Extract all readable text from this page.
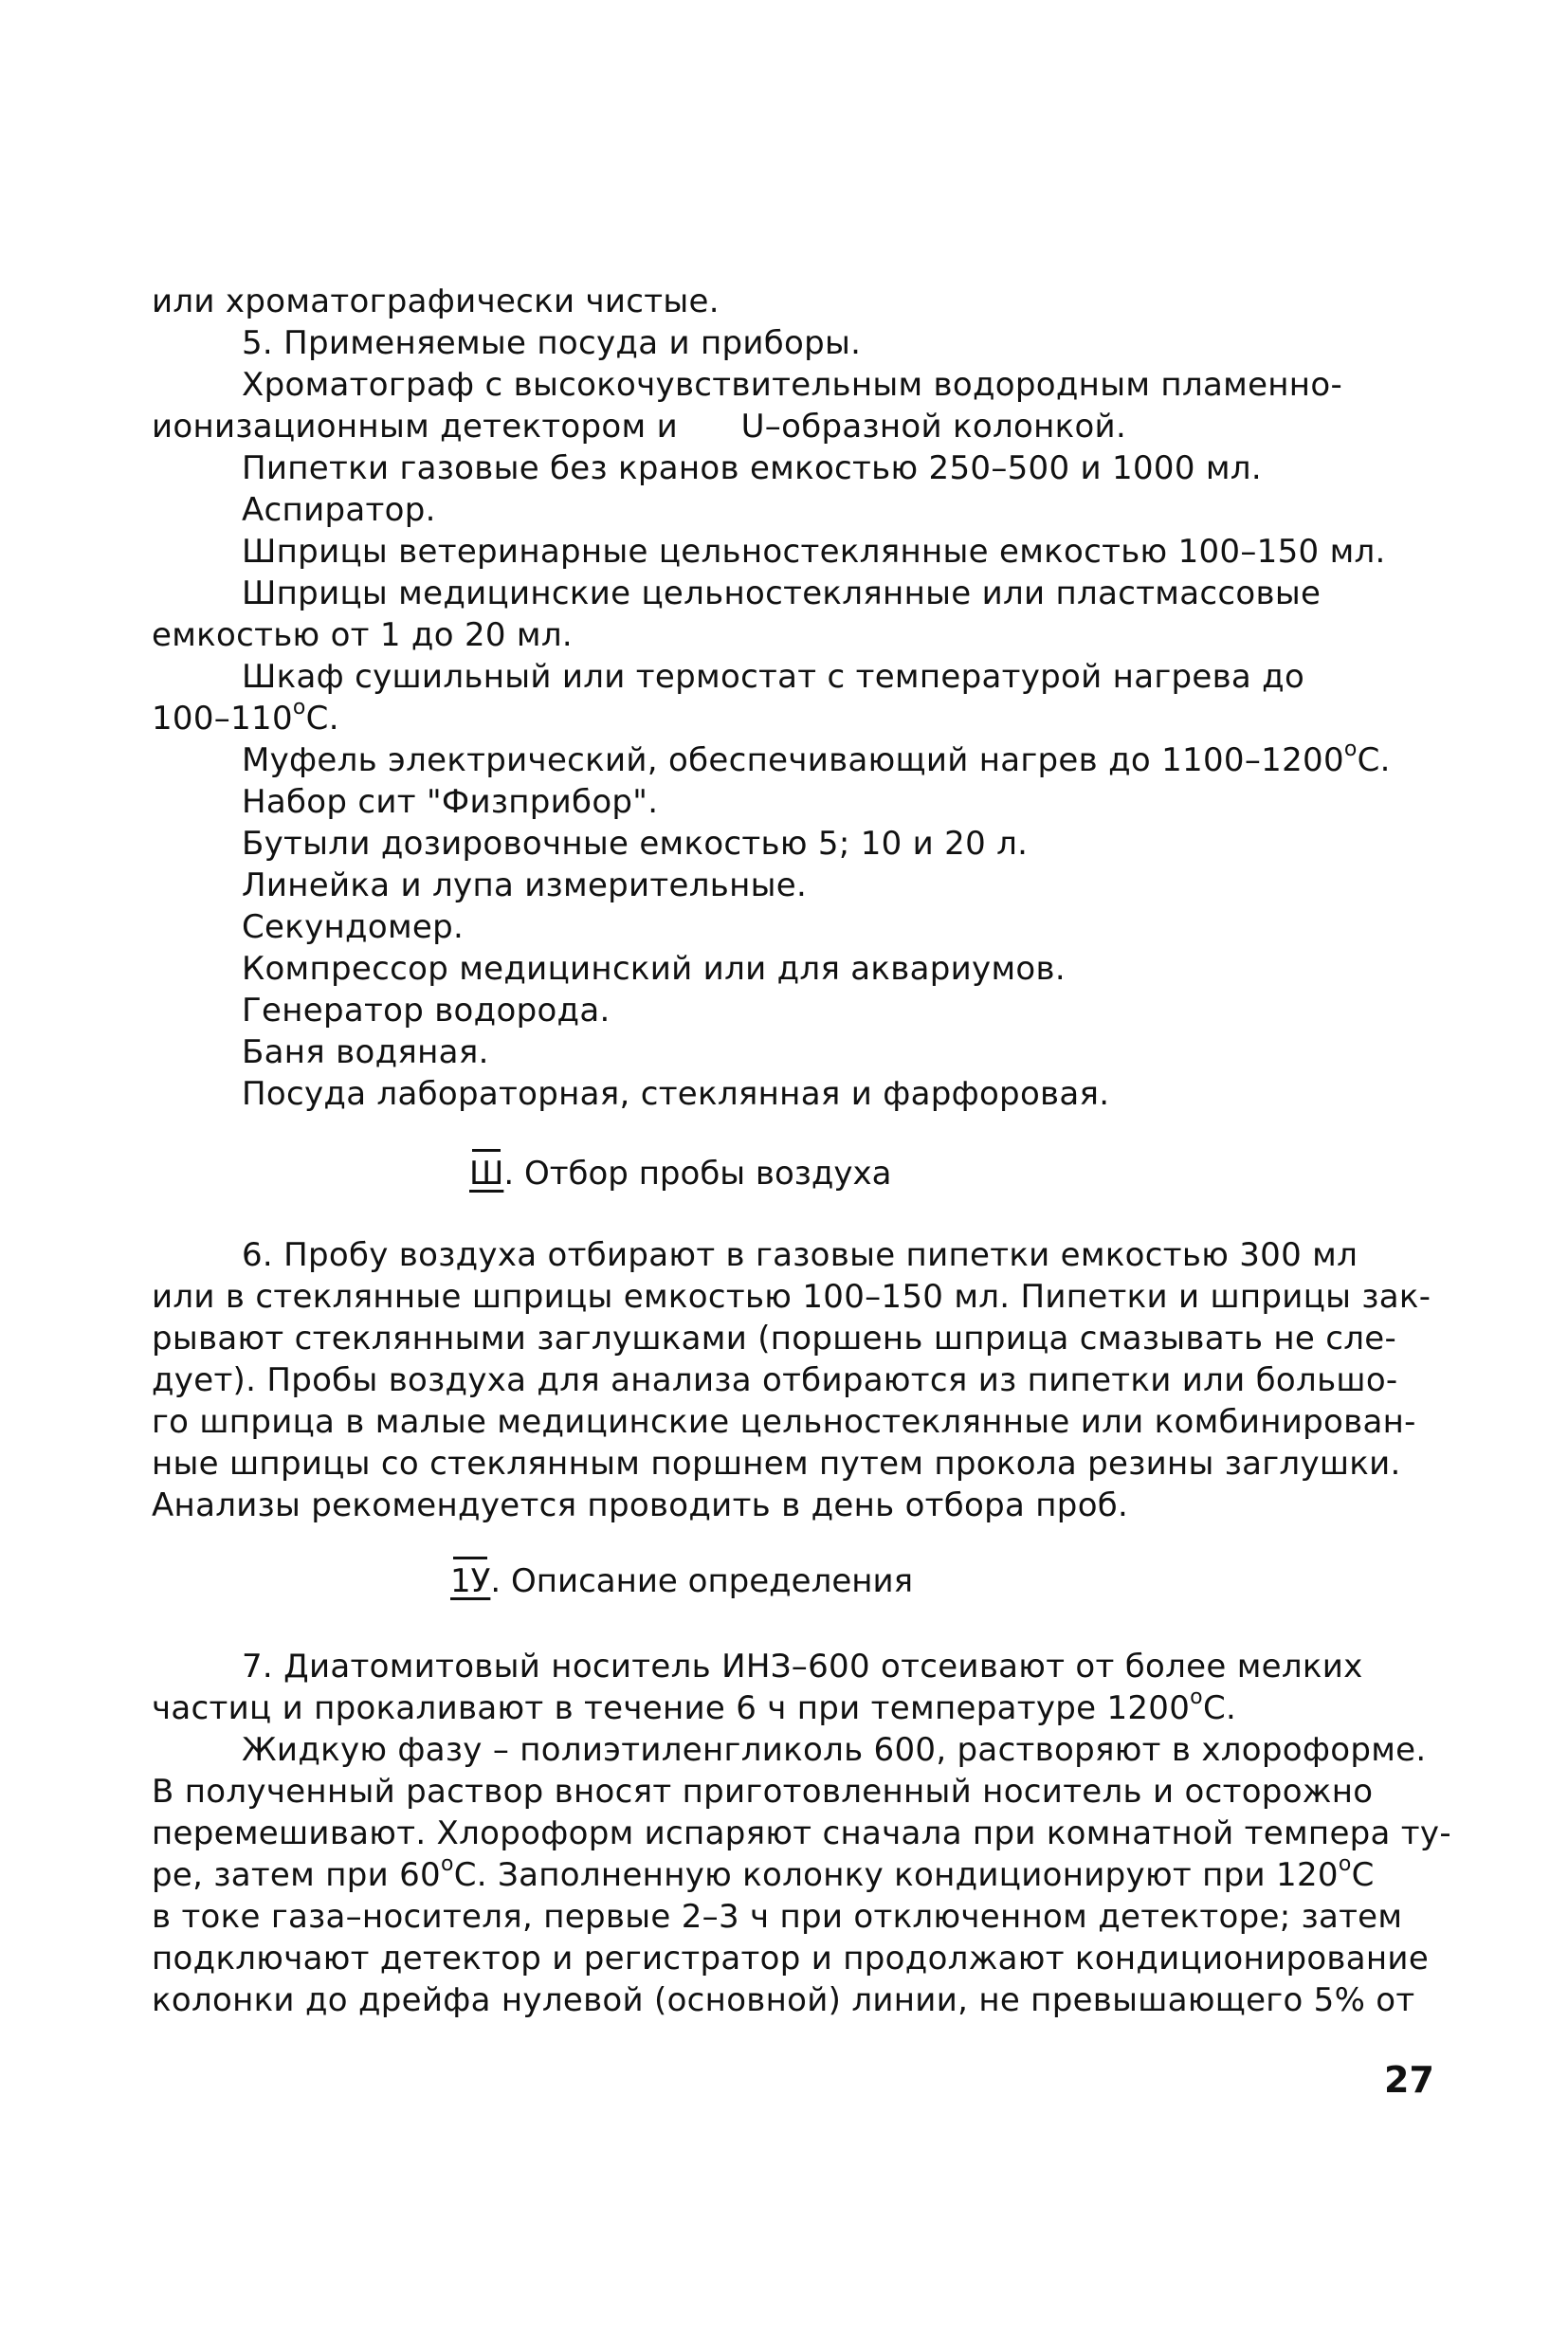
или хроматографически чистые.
5. Применяемые посуда и приборы.
Хроматограф с высокочувствительным водородным пламенно-
ионизационным детектором и      U–образной колонкой.
Пипетки газовые без кранов емкостью 250–500 и 1000 мл.
Аспиратор.
Шприцы ветеринарные цельностеклянные емкостью 100–150 мл.
Шприцы медицинские цельностеклянные или пластмассовые
емкостью от 1 до 20 мл.
Шкаф сушильный или термостат с температурой нагрева до
100–110$^o$С.
Муфель электрический, обеспечивающий нагрев до 1100–1200$^o$С.
Набор сит "Физприбор".
Бутыли дозировочные емкостью 5; 10 и 20 л.
Линейка и лупа измерительные.
Секундомер.
Компрессор медицинский или для аквариумов.
Генератор водорода.
Баня водяная.
Посуда лабораторная, стеклянная и фарфоровая.
Ш. Отбор пробы воздуха
6. Пробу воздуха отбирают в газовые пипетки емкостью 300 мл
или в стеклянные шприцы емкостью 100–150 мл. Пипетки и шприцы зак-
рывают стеклянными заглушками (поршень шприца смазывать не сле-
дует). Пробы воздуха для анализа отбираются из пипетки или большо-
го шприца в малые медицинские цельностеклянные или комбинирован-
ные шприцы со стеклянным поршнем путем прокола резины заглушки.
Анализы рекомендуется проводить в день отбора проб.
1У. Описание определения
7. Диатомитовый носитель ИНЗ–600 отсеивают от более мелких
частиц и прокаливают в течение 6 ч при температуре 1200$^o$С.
Жидкую фазу – полиэтиленгликоль 600, растворяют в хлороформе.
В полученный раствор вносят приготовленный носитель и осторожно
перемешивают. Хлороформ испаряют сначала при комнатной темпера ту-
ре, затем при 60$^o$С. Заполненную колонку кондиционируют при 120$^o$С
в токе газа–носителя, первые 2–3 ч при отключенном детекторе; затем
подключают детектор и регистратор и продолжают кондиционирование
колонки до дрейфа нулевой (основной) линии, не превышающего 5% от
27
